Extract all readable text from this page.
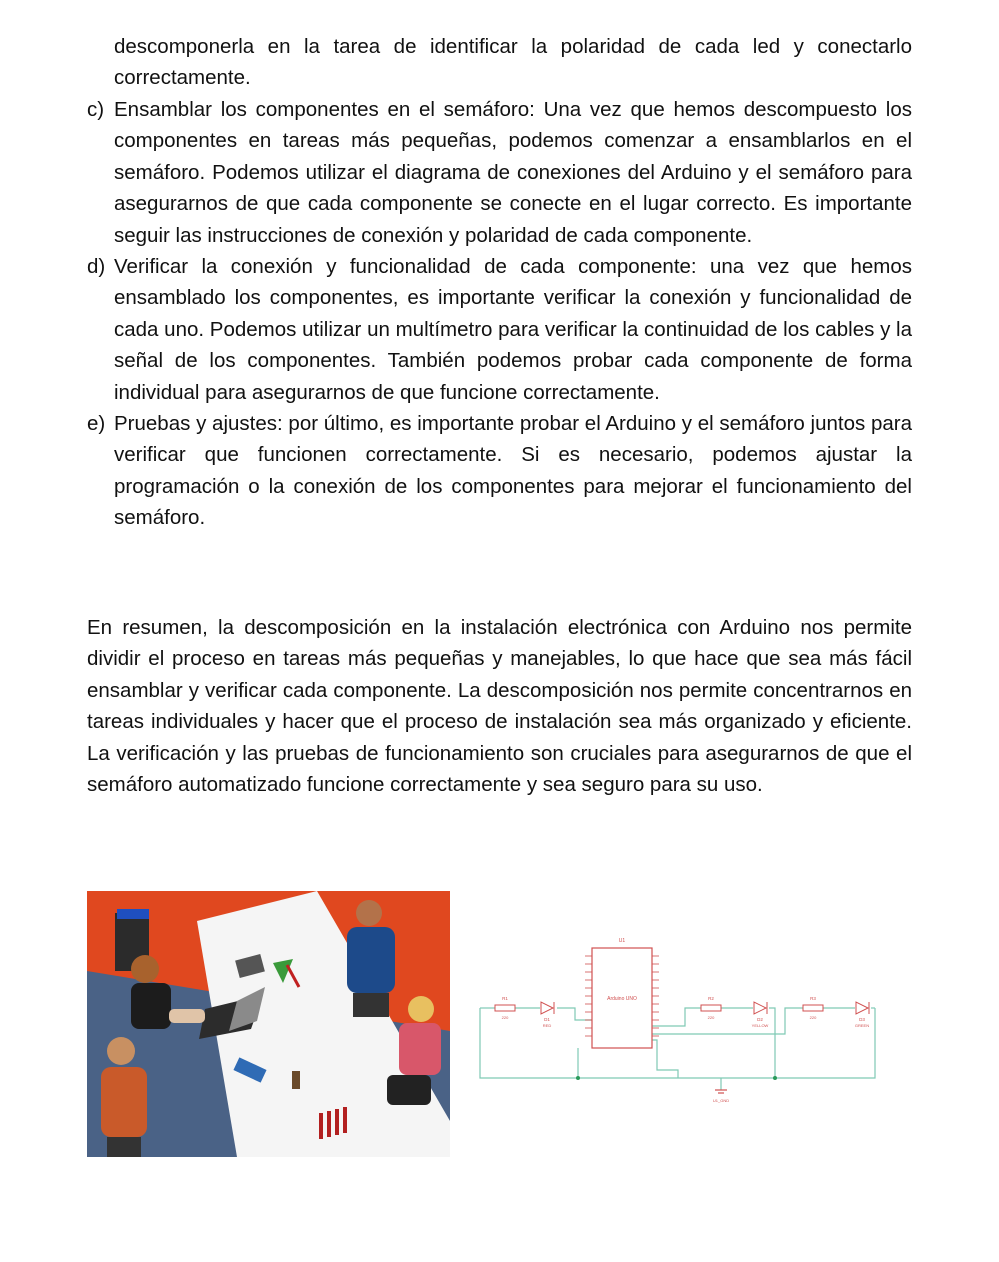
descomponerla en la tarea de identificar la polaridad de cada led y conectarlo correctamente.
c) Ensamblar los componentes en el semáforo: Una vez que hemos descompuesto los componentes en tareas más pequeñas, podemos comenzar a ensamblarlos en el semáforo. Podemos utilizar el diagrama de conexiones del Arduino y el semáforo para asegurarnos de que cada componente se conecte en el lugar correcto. Es importante seguir las instrucciones de conexión y polaridad de cada componente.
d) Verificar la conexión y funcionalidad de cada componente: una vez que hemos ensamblado los componentes, es importante verificar la conexión y funcionalidad de cada uno. Podemos utilizar un multímetro para verificar la continuidad de los cables y la señal de los componentes. También podemos probar cada componente de forma individual para asegurarnos de que funcione correctamente.
e) Pruebas y ajustes: por último, es importante probar el Arduino y el semáforo juntos para verificar que funcionen correctamente. Si es necesario, podemos ajustar la programación o la conexión de los componentes para mejorar el funcionamiento del semáforo.
En resumen, la descomposición en la instalación electrónica con Arduino nos permite dividir el proceso en tareas más pequeñas y manejables, lo que hace que sea más fácil ensamblar y verificar cada componente. La descomposición nos permite concentrarnos en tareas individuales y hacer que el proceso de instalación sea más organizado y eficiente. La verificación y las pruebas de funcionamiento son cruciales para asegurarnos de que el semáforo automatizado funcione correctamente y sea seguro para su uso.
U1_GND
U1
Arduino UNO
R1
220
R2
220
R3
220
D1
RED
D2
YELLOW
D3
GREEN
